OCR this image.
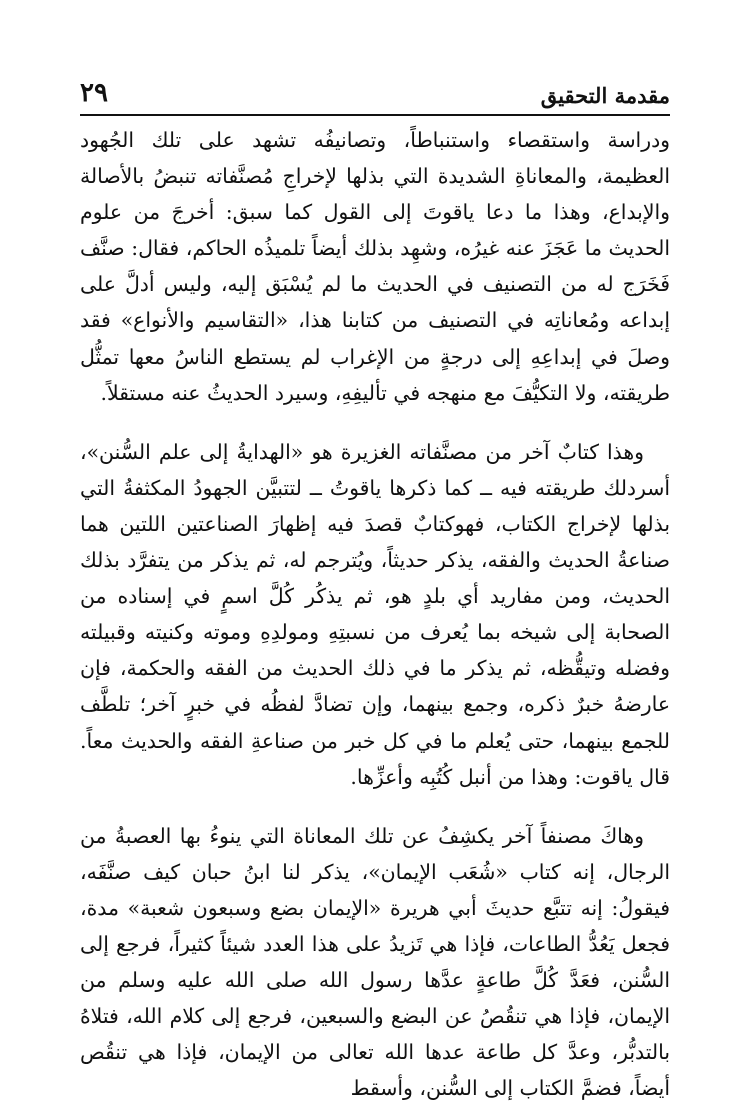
مقدمة التحقيق
٢٩

ودراسة واستقصاء واستنباطاً، وتصانيفُه تشهد على تلك الجُهود العظيمة، والمعاناةِ الشديدة التي بذلها لإخراجِ مُصنَّفاته تنبضُ بالأصالة والإبداع، وهذا ما دعا ياقوتَ إلى القول كما سبق: أخرجَ من علوم الحديث ما عَجَزَ عنه غيرُه، وشهِد بذلك أيضاً تلميذُه الحاكم، فقال: صنَّف فَخَرَج له من التصنيف في الحديث ما لم يُسْبَق إليه، وليس أدلَّ على إبداعه ومُعاناتِه في التصنيف من كتابنا هذا، «التقاسيم والأنواع» فقد وصلَ في إبداعِهِ إلى درجةٍ من الإغراب لم يستطع الناسُ معها تمثُّل طريقته، ولا التكيُّفَ مع منهجه في تأليفِهِ، وسيرد الحديثُ عنه مستقلاً.

وهذا كتابٌ آخر من مصنَّفاته الغزيرة هو «الهدايةُ إلى علم السُّنن»، أسردلك طريقته فيه ــ كما ذكرها ياقوتُ ــ لتتبيَّن الجهودُ المكثفةُ التي بذلها لإخراج الكتاب، فهوكتابٌ قصدَ فيه إظهارَ الصناعتين اللتين هما صناعةُ الحديث والفقه، يذكر حديثاً، ويُترجم له، ثم يذكر من يتفرَّد بذلك الحديث، ومن مفاريد أي بلدٍ هو، ثم يذكُر كُلَّ اسمٍ في إسناده من الصحابة إلى شيخه بما يُعرف من نسبتِهِ ومولدِهِ وموته وكنيته وقبيلته وفضله وتيقُّظه، ثم يذكر ما في ذلك الحديث من الفقه والحكمة، فإن عارضهُ خبرٌ ذكره، وجمع بينهما، وإن تضادَّ لفظُه في خبرٍ آخر؛ تلطَّف للجمع بينهما، حتى يُعلم ما في كل خبر من صناعةِ الفقه والحديث معاً. قال ياقوت: وهذا من أنبل كُتُبِه وأعزِّها.

وهاكَ مصنفاً آخر يكشِفُ عن تلك المعاناة التي ينوءُ بها العصبةُ من الرجال، إنه كتاب «شُعَب الإيمان»، يذكر لنا ابنُ حبان كيف صنَّفَه، فيقولُ: إنه تتبَّع حديثَ أبي هريرة «الإيمان بضع وسبعون شعبة» مدة، فجعل يَعُدُّ الطاعات، فإذا هي تَزيدُ على هذا العدد شيئاً كثيراً، فرجع إلى السُّنن، فعَدَّ كُلَّ طاعةٍ عدَّها رسول الله صلى الله عليه وسلم من الإيمان، فإذا هي تنقُصُ عن البضع والسبعين، فرجع إلى كلام الله، فتلاهُ بالتدبُّر، وعدَّ كل طاعة عدها الله تعالى من الإيمان، فإذا هي تنقُص أيضاً، فضمَّ الكتاب إلى السُّنن، وأسقط
